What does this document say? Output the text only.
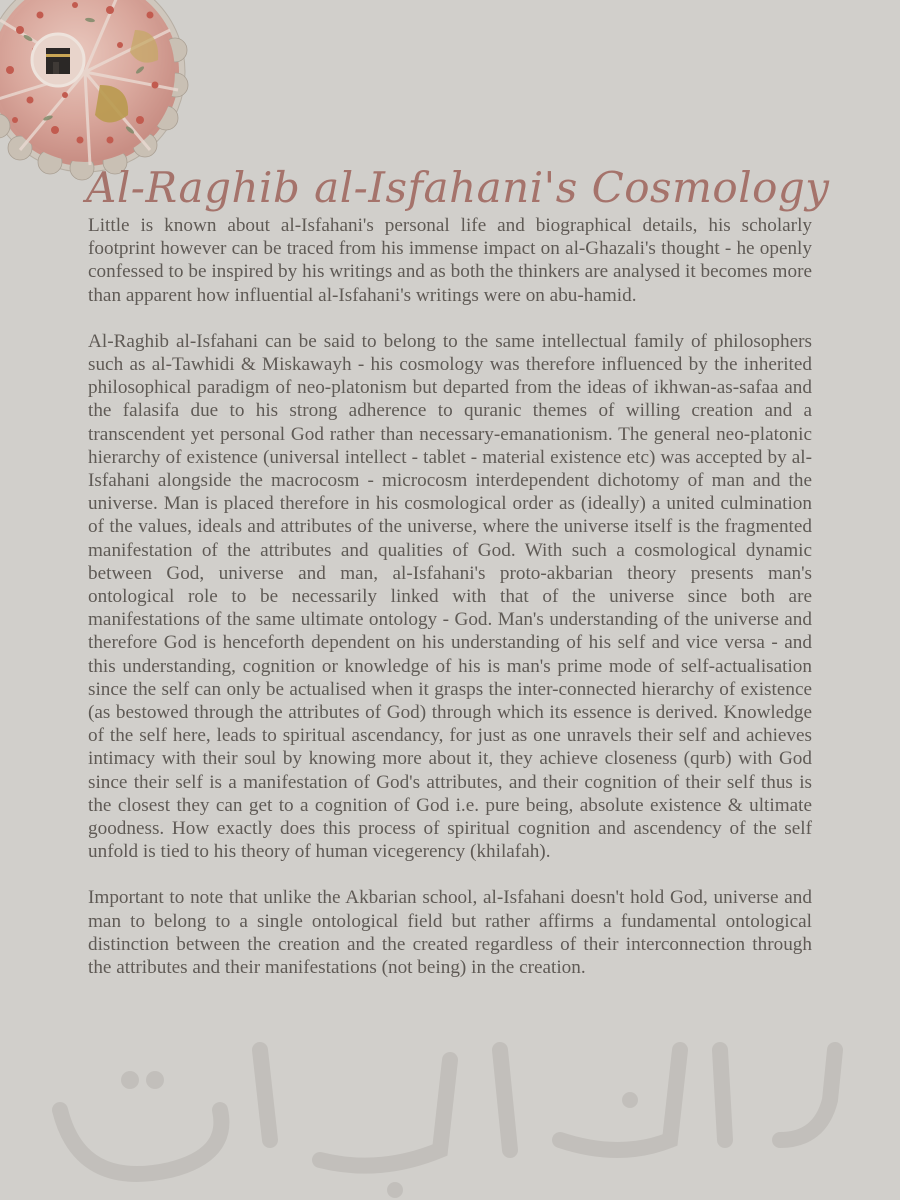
Al-Raghib al-Isfahani's Cosmology

Little is known about al-Isfahani's personal life and biographical details, his scholarly footprint however can be traced from his immense impact on al-Ghazali's thought - he openly confessed to be inspired by his writings and as both the thinkers are analysed it becomes more than apparent how influential al-Isfahani's writings were on abu-hamid.

Al-Raghib al-Isfahani can be said to belong to the same intellectual family of philosophers such as al-Tawhidi & Miskawayh - his cosmology was therefore influenced by the inherited philosophical paradigm of neo-platonism but departed from the ideas of ikhwan-as-safaa and the falasifa due to his strong adherence to quranic themes of willing creation and a transcendent yet personal God rather than necessary-emanationism. The general neo-platonic hierarchy of existence (universal intellect - tablet - material existence etc) was accepted by al-Isfahani alongside the macrocosm - microcosm interdependent dichotomy of man and the universe. Man is placed therefore in his cosmological order as (ideally) a united culmination of the values, ideals and attributes of the universe, where the universe itself is the fragmented manifestation of the attributes and qualities of God. With such a cosmological dynamic between God, universe and man, al-Isfahani's proto-akbarian theory presents man's ontological role to be necessarily linked with that of the universe since both are manifestations of the same ultimate ontology - God. Man's understanding of the universe and therefore God is henceforth dependent on his understanding of his self and vice versa - and this understanding, cognition or knowledge of his is man's prime mode of self-actualisation since the self can only be actualised when it grasps the inter-connected hierarchy of existence (as bestowed through the attributes of God) through which its essence is derived. Knowledge of the self here, leads to spiritual ascendancy, for just as one unravels their self and achieves intimacy with their soul by knowing more about it, they achieve closeness (qurb) with God since their self is a manifestation of God's attributes, and their cognition of their self thus is the closest they can get to a cognition of God i.e. pure being, absolute existence & ultimate goodness. How exactly does this process of spiritual cognition and ascendency of the self unfold is tied to his theory of human vicegerency (khilafah).

Important to note that unlike the Akbarian school, al-Isfahani doesn't hold God, universe and man to belong to a single ontological field but rather affirms a fundamental ontological distinction between the creation and the created regardless of their interconnection through the attributes and their manifestations (not being) in the creation.
